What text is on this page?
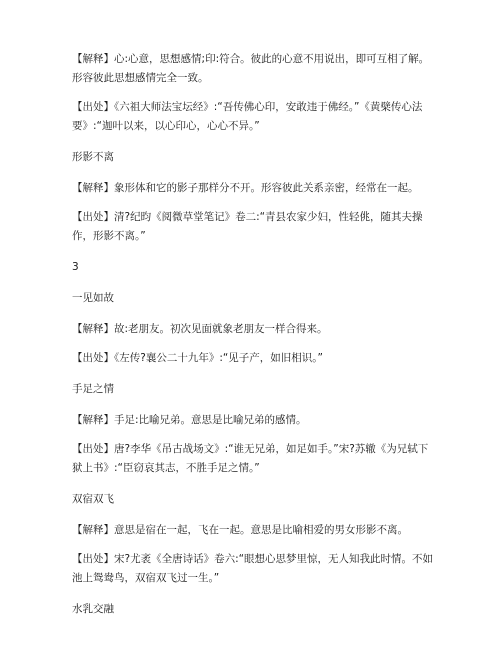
【解释】心:心意，思想感情;印:符合。彼此的心意不用说出，即可互相了解。形容彼此思想感情完全一致。

【出处】《六祖大师法宝坛经》:“吾传佛心印，安敢违于佛经。”《黄檗传心法要》:“迦叶以来，以心印心，心心不异。”

形影不离

【解释】象形体和它的影子那样分不开。形容彼此关系亲密，经常在一起。

【出处】清?纪昀《阅微草堂笔记》卷二:“青县农家少妇，性轻佻，随其夫操作，形影不离。”

3

一见如故

【解释】故:老朋友。初次见面就象老朋友一样合得来。

【出处】《左传?襄公二十九年》:“见子产，如旧相识。”

手足之情

【解释】手足:比喻兄弟。意思是比喻兄弟的感情。

【出处】唐?李华《吊古战场文》:“谁无兄弟，如足如手。”宋?苏辙《为兄轼下狱上书》:“臣窃哀其志，不胜手足之情。”

双宿双飞

【解释】意思是宿在一起，飞在一起。意思是比喻相爱的男女形影不离。

【出处】宋?尤袤《全唐诗话》卷六:“眼想心思梦里惊，无人知我此时情。不如池上鸳鸯鸟，双宿双飞过一生。”

水乳交融
